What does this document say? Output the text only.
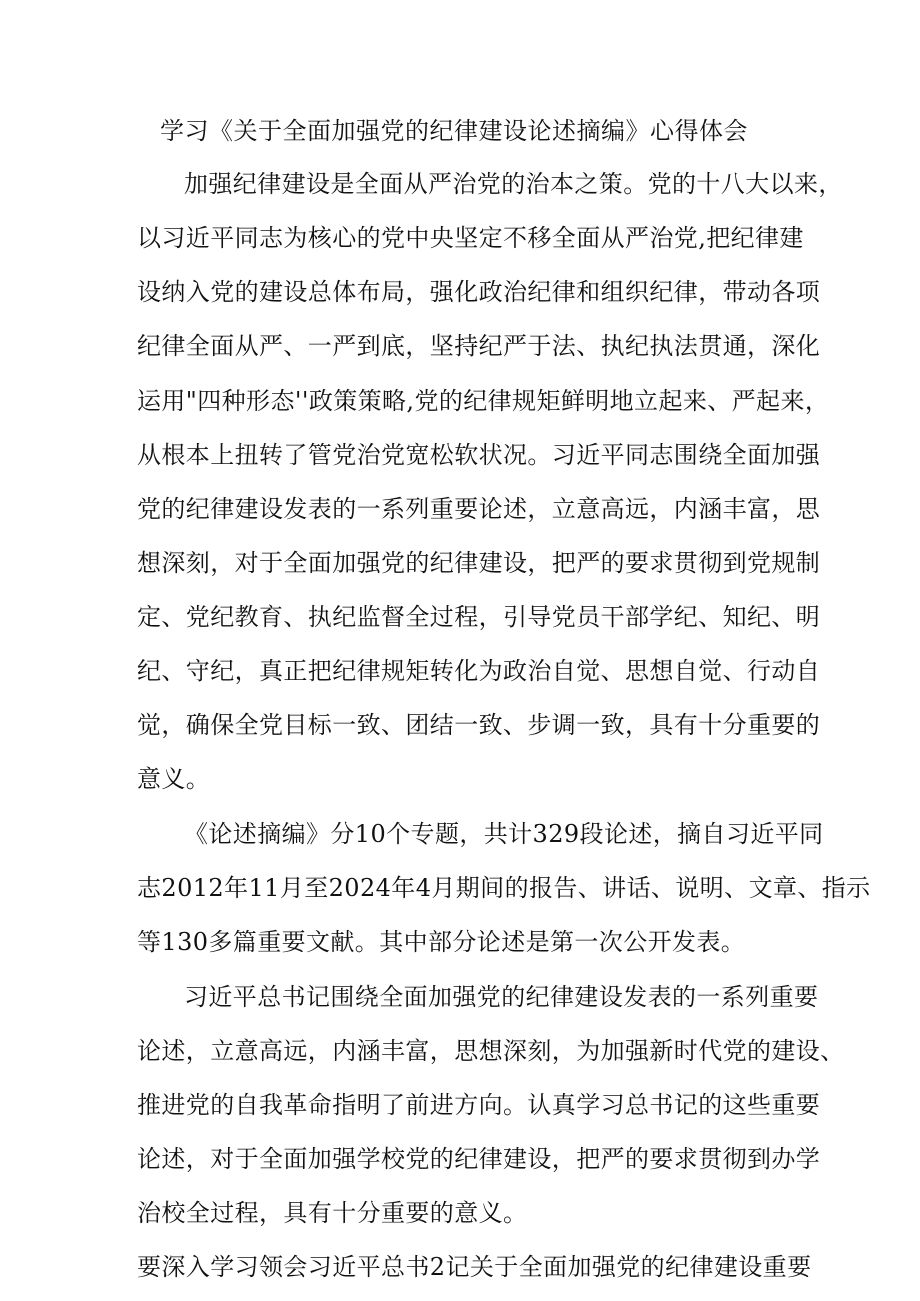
学习《关于全面加强党的纪律建设论述摘编》心得体会
加强纪律建设是全面从严治党的治本之策。党的十八大以来，
以习近平同志为核心的党中央坚定不移全面从严治党,把纪律建
设纳入党的建设总体布局，强化政治纪律和组织纪律，带动各项
纪律全面从严、一严到底，坚持纪严于法、执纪执法贯通，深化
运用"四种形态''政策策略,党的纪律规矩鲜明地立起来、严起来，
从根本上扭转了管党治党宽松软状况。习近平同志围绕全面加强
党的纪律建设发表的一系列重要论述，立意高远，内涵丰富，思
想深刻，对于全面加强党的纪律建设，把严的要求贯彻到党规制
定、党纪教育、执纪监督全过程，引导党员干部学纪、知纪、明
纪、守纪，真正把纪律规矩转化为政治自觉、思想自觉、行动自
觉，确保全党目标一致、团结一致、步调一致，具有十分重要的
意义。
《论述摘编》分10个专题，共计329段论述，摘自习近平同
志2012年11月至2024年4月期间的报告、讲话、说明、文章、指示
等130多篇重要文献。其中部分论述是第一次公开发表。
习近平总书记围绕全面加强党的纪律建设发表的一系列重要
论述，立意高远，内涵丰富，思想深刻，为加强新时代党的建设、
推进党的自我革命指明了前进方向。认真学习总书记的这些重要
论述，对于全面加强学校党的纪律建设，把严的要求贯彻到办学
治校全过程，具有十分重要的意义。
要深入学习领会习近平总书2记关于全面加强党的纪律建设重要
